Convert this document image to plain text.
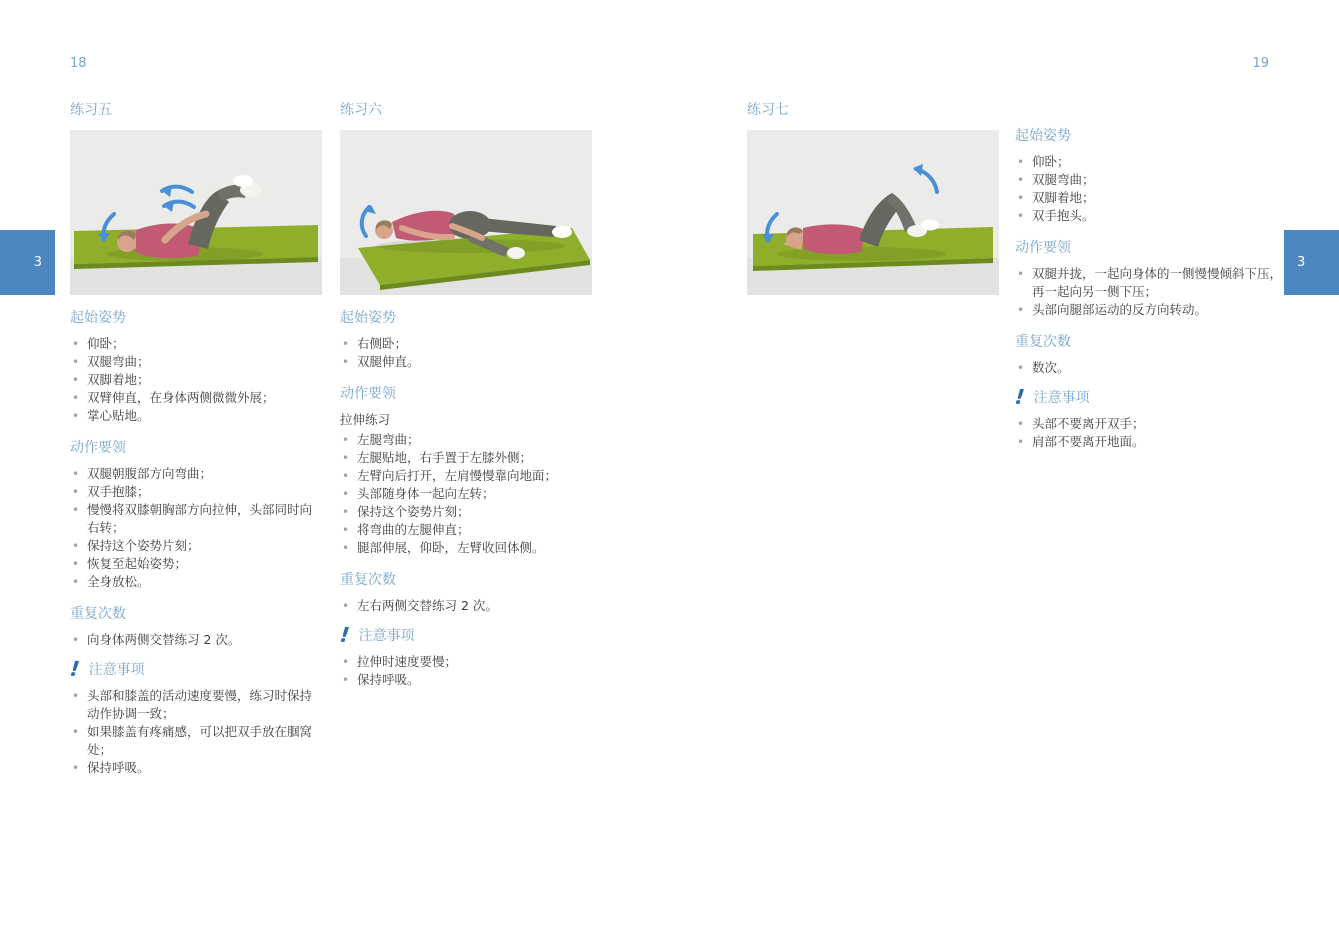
18	19
3	3
练习五
起始姿势
• 仰卧；
• 双腿弯曲；
• 双脚着地；
• 双臂伸直，在身体两侧微微外展；
• 掌心贴地。
动作要领
• 双腿朝腹部方向弯曲；
• 双手抱膝；
• 慢慢将双膝朝胸部方向拉伸，头部同时向右转；
• 保持这个姿势片刻；
• 恢复至起始姿势；
• 全身放松。
重复次数
• 向身体两侧交替练习 2 次。
! 注意事项
• 头部和膝盖的活动速度要慢，练习时保持动作协调一致；
• 如果膝盖有疼痛感，可以把双手放在腘窝处；
• 保持呼吸。
练习六
起始姿势
• 右侧卧；
• 双腿伸直。
动作要领

拉伸练习

• 左腿弯曲；
• 左腿贴地，右手置于左膝外侧；
• 左臂向后打开，左肩慢慢靠向地面；
• 头部随身体一起向左转；
• 保持这个姿势片刻；
• 将弯曲的左腿伸直；
• 腿部伸展，仰卧，左臂收回体侧。
重复次数
• 左右两侧交替练习 2 次。
! 注意事项
• 拉伸时速度要慢；
• 保持呼吸。
练习七
起始姿势
• 仰卧；
• 双腿弯曲；
• 双脚着地；
• 双手抱头。
动作要领
• 双腿并拢，一起向身体的一侧慢慢倾斜下压，再一起向另一侧下压；
• 头部向腿部运动的反方向转动。
重复次数
• 数次。
! 注意事项
• 头部不要离开双手；
• 肩部不要离开地面。
